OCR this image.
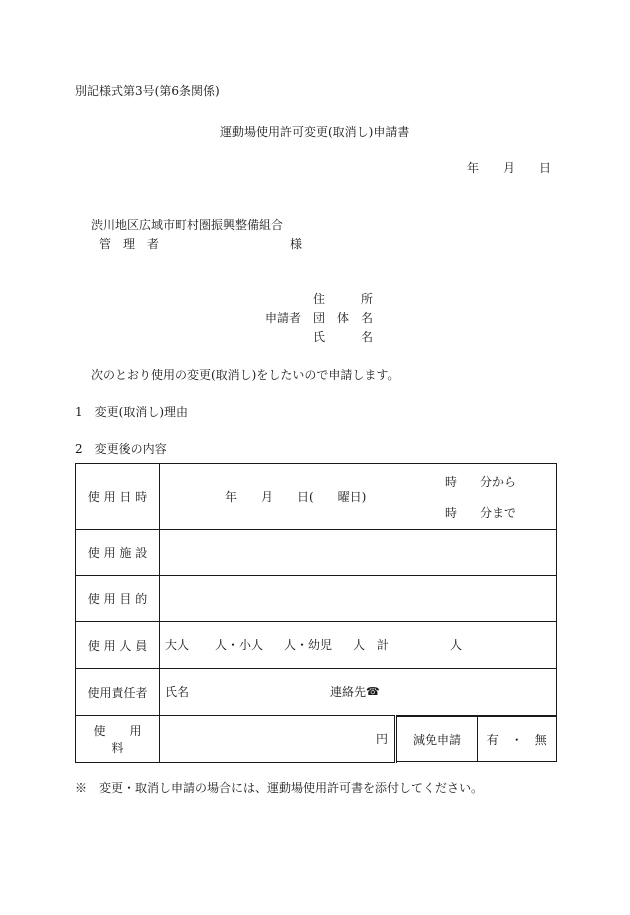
別記様式第3号(第6条関係)
運動場使用許可変更(取消し)申請書
年 月 日
渋川地区広域市町村圏振興整備組合
管　理　者	様
住　　　所
申請者 団　体　名
氏　　　名
次のとおり使用の変更(取消し)をしたいので申請します。
1　変更(取消し)理由
2　変更後の内容
使 用 日 時	年　　月　　日(　　曜日)
時 分から
時 分まで

使 用 施 設	
使 用 目 的	
使 用 人 員	大人 人・小人 人・幼児 人　計	人

使用責任者	氏名	連絡先 ☎

使　　用　　料	
円
	減免申請	有　・　無
※　変更・取消し申請の場合には、運動場使用許可書を添付してください。
